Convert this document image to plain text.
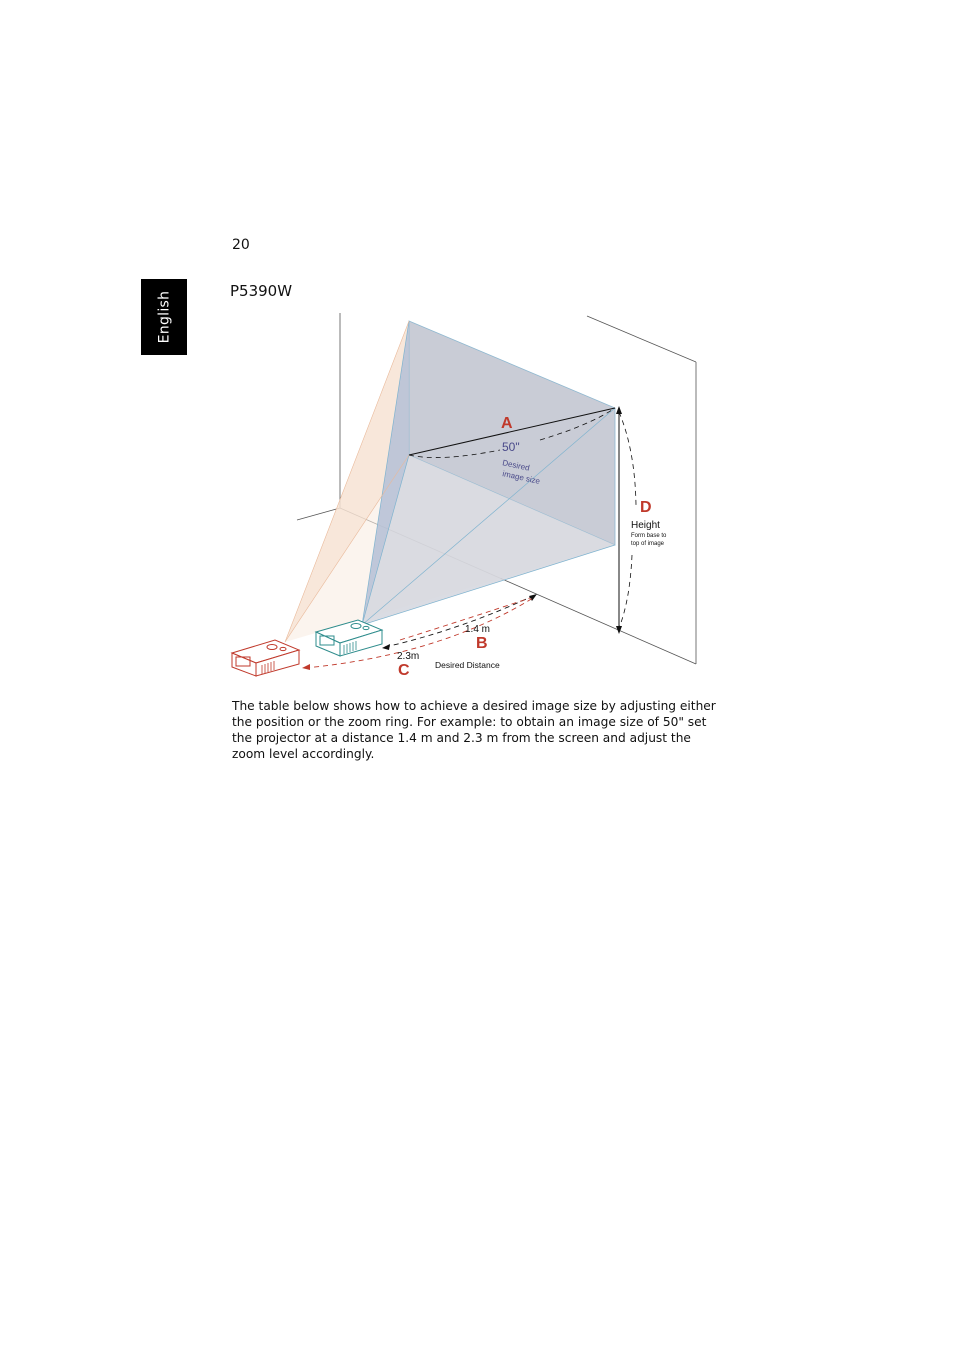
20
English	P5390W
A
50"
Desired
image size
D
Height
Form base to
top of image
1.4 m
B
2.3m
C	Desired Distance

The table below shows how to achieve a desired image size by adjusting either the position or the zoom ring. For example: to obtain an image size of 50" set the projector at a distance 1.4 m and 2.3 m from the screen and adjust the zoom level accordingly.
